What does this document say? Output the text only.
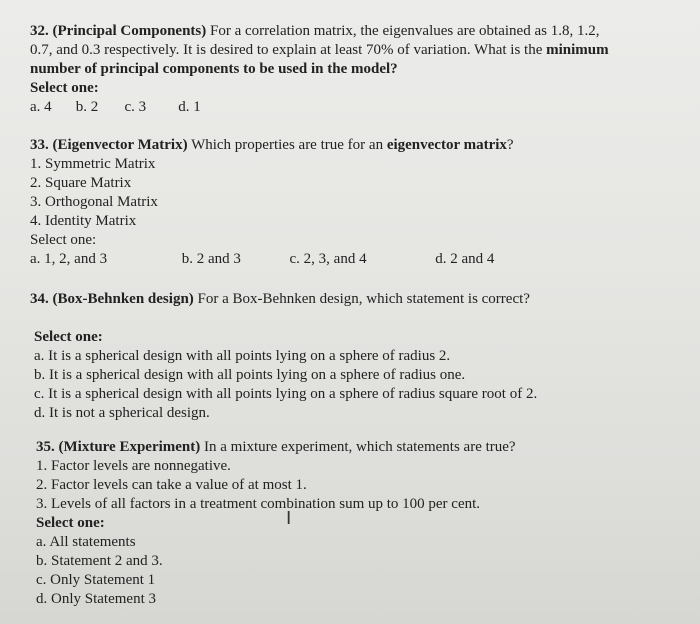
32. (Principal Components) For a correlation matrix, the eigenvalues are obtained as 1.8, 1.2,
0.7, and 0.3 respectively. It is desired to explain at least 70% of variation. What is the minimum
number of principal components to be used in the model?
Select one:
a. 4 b. 2 c. 3 d. 1
33. (Eigenvector Matrix) Which properties are true for an eigenvector matrix?
1. Symmetric Matrix
2. Square Matrix
3. Orthogonal Matrix
4. Identity Matrix
Select one:
a. 1, 2, and 3	b. 2 and 3	c. 2, 3, and 4	d. 2 and 4
34. (Box-Behnken design) For a Box-Behnken design, which statement is correct?
Select one:
a. It is a spherical design with all points lying on a sphere of radius 2.
b. It is a spherical design with all points lying on a sphere of radius one.
c. It is a spherical design with all points lying on a sphere of radius square root of 2.
d. It is not a spherical design.
35. (Mixture Experiment) In a mixture experiment, which statements are true?
1. Factor levels are nonnegative.
2. Factor levels can take a value of at most 1.
3. Levels of all factors in a treatment combination sum up to 100 per cent.
Select one:
a. All statements
b. Statement 2 and 3.
c. Only Statement 1
d. Only Statement 3
I
